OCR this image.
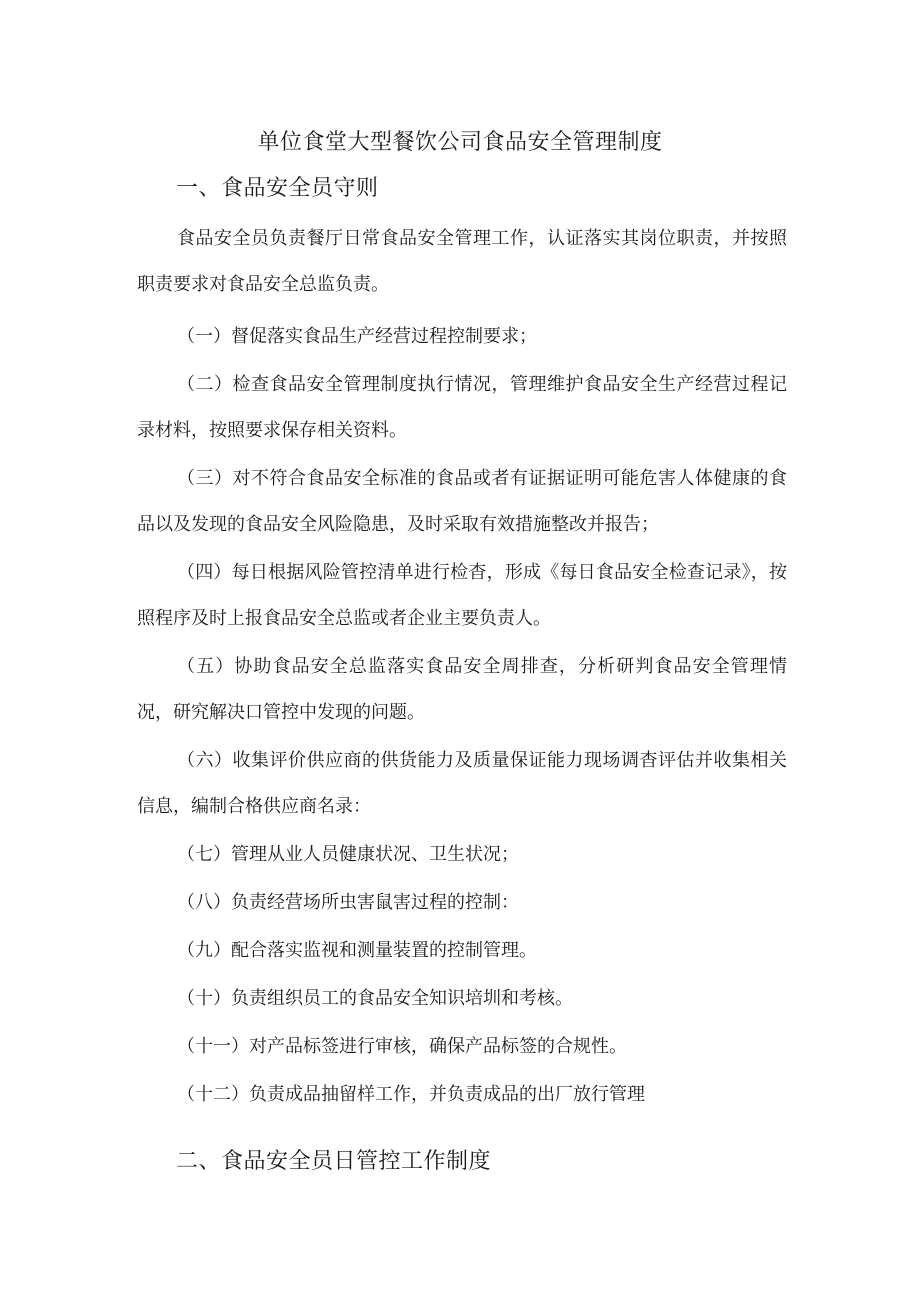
单位食堂大型餐饮公司食品安全管理制度
一、食品安全员守则

食品安全员负责餐厅日常食品安全管理工作，认证落实其岗位职责，并按照职责要求对食品安全总监负责。

（一）督促落实食品生产经营过程控制要求；

（二）检查食品安全管理制度执行情况，管理维护食品安全生产经营过程记录材料，按照要求保存相关资料。

（三）对不符合食品安全标准的食品或者有证据证明可能危害人体健康的食品以及发现的食品安全风险隐患，及时采取有效措施整改并报告；

（四）每日根据风险管控清单进行检杳，形成《每日食品安全检查记录》，按照程序及时上报食品安全总监或者企业主要负责人。

（五）协助食品安全总监落实食品安全周排查，分析研判食品安全管理情况，研究解决口管控中发现的问题。

（六）收集评价供应商的供货能力及质量保证能力现场调杳评估并收集相关信息，编制合格供应商名录：

（七）管理从业人员健康状况、卫生状况；

（八）负责经营场所虫害鼠害过程的控制：

（九）配合落实监视和测量装置的控制管理。

（十）负责组织员工的食品安全知识培圳和考核。

（十一）对产品标签进行审核，确保产品标签的合规性。

（十二）负责成品抽留样工作，并负责成品的出厂放行管理

二、食品安全员日管控工作制度
